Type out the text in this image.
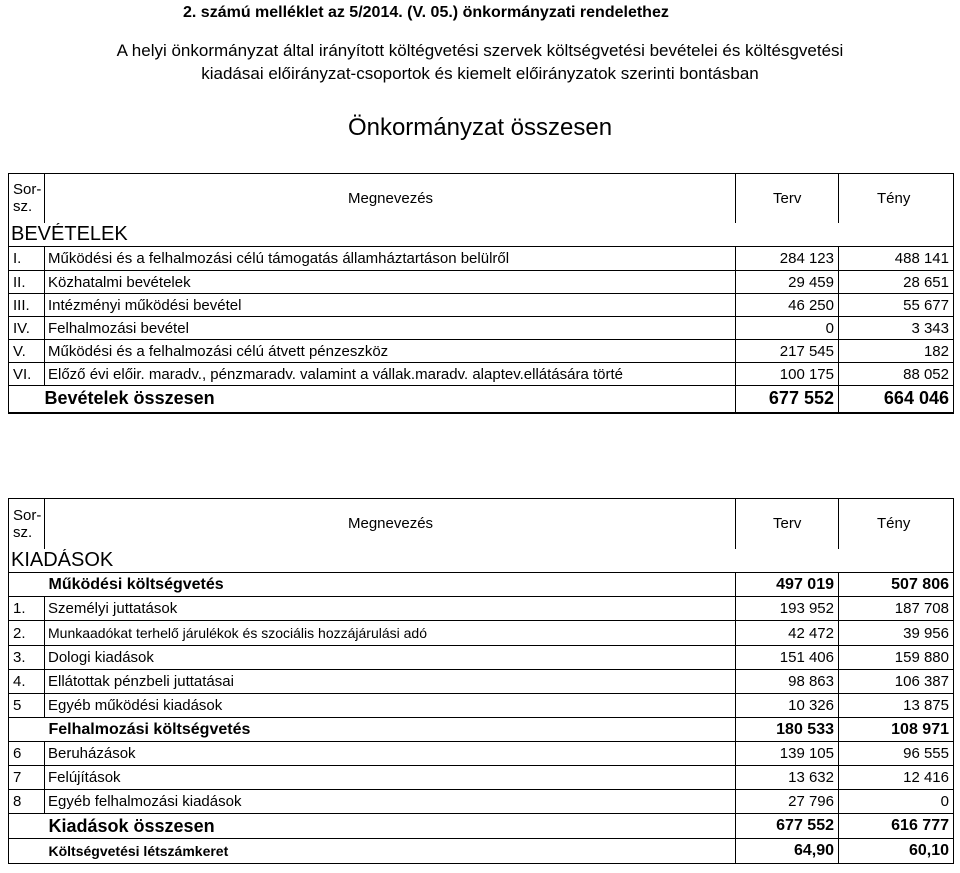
2. számú melléklet az 5/2014. (V. 05.) önkormányzati rendelethez
A helyi önkormányzat által irányított költégvetési szervek költségvetési bevételei és költésgvetési
kiadásai előirányzat-csoportok és kiemelt előirányzatok szerinti bontásban
Önkormányzat összesen
Sor-
sz.	Megnevezés	Terv	Tény
BEVÉTELEK			
I.	Működési és a felhalmozási célú támogatás államháztartáson belülről	284 123	488 141
II.	Közhatalmi bevételek	29 459	28 651
III.	Intézményi működési bevétel	46 250	55 677
IV.	Felhalmozási bevétel	0	3 343
V.	Működési és a felhalmozási célú átvett pénzeszköz	217 545	182
VI.	Előző évi előir. maradv., pénzmaradv. valamint a vállak.maradv. alaptev.ellátására törté	100 175	88 052
	Bevételek összesen	677 552	664 046
Sor-
sz.	Megnevezés	Terv	Tény
KIADÁSOK			
	Működési költségvetés	497 019	507 806
1.	Személyi juttatások	193 952	187 708
2.	Munkaadókat terhelő járulékok és szociális hozzájárulási adó	42 472	39 956
3.	Dologi kiadások	151 406	159 880
4.	Ellátottak pénzbeli juttatásai	98 863	106 387
5	Egyéb működési kiadások	10 326	13 875
	Felhalmozási költségvetés	180 533	108 971
6	Beruházások	139 105	96 555
7	Felújítások	13 632	12 416
8	Egyéb felhalmozási kiadások	27 796	0
	Kiadások összesen	677 552	616 777
	Költségvetési létszámkeret	64,90	60,10
